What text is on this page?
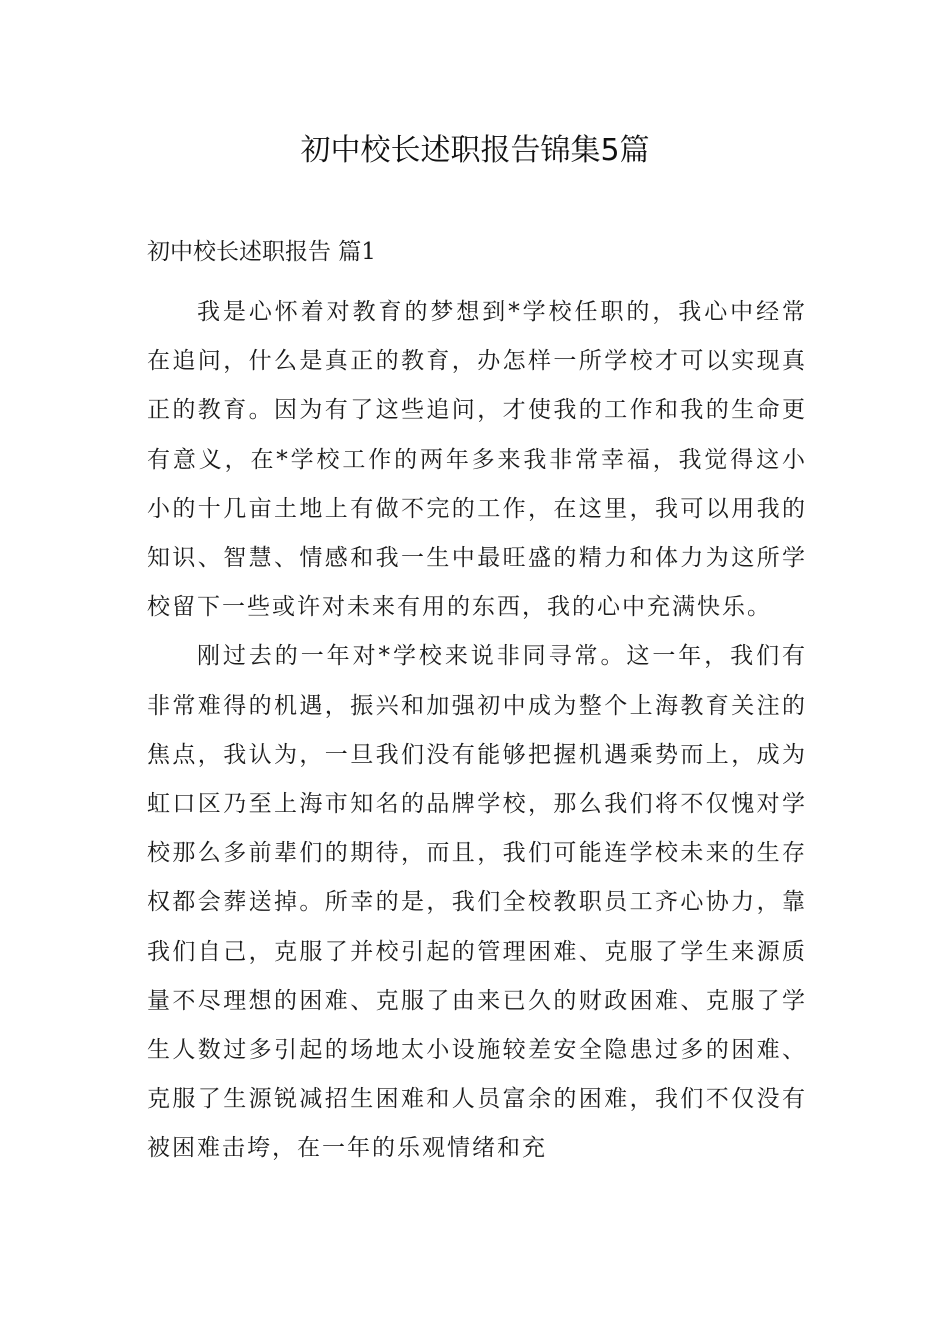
初中校长述职报告锦集5篇
初中校长述职报告 篇1

我是心怀着对教育的梦想到*学校任职的，我心中经常在追问，什么是真正的教育，办怎样一所学校才可以实现真正的教育。因为有了这些追问，才使我的工作和我的生命更有意义，在*学校工作的两年多来我非常幸福，我觉得这小小的十几亩土地上有做不完的工作，在这里，我可以用我的知识、智慧、情感和我一生中最旺盛的精力和体力为这所学校留下一些或许对未来有用的东西，我的心中充满快乐。

刚过去的一年对*学校来说非同寻常。这一年，我们有非常难得的机遇，振兴和加强初中成为整个上海教育关注的焦点，我认为，一旦我们没有能够把握机遇乘势而上，成为虹口区乃至上海市知名的品牌学校，那么我们将不仅愧对学校那么多前辈们的期待，而且，我们可能连学校未来的生存权都会葬送掉。所幸的是，我们全校教职员工齐心协力，靠我们自己，克服了并校引起的管理困难、克服了学生来源质量不尽理想的困难、克服了由来已久的财政困难、克服了学生人数过多引起的场地太小设施较差安全隐患过多的困难、克服了生源锐减招生困难和人员富余的困难，我们不仅没有被困难击垮，在一年的乐观情绪和充
